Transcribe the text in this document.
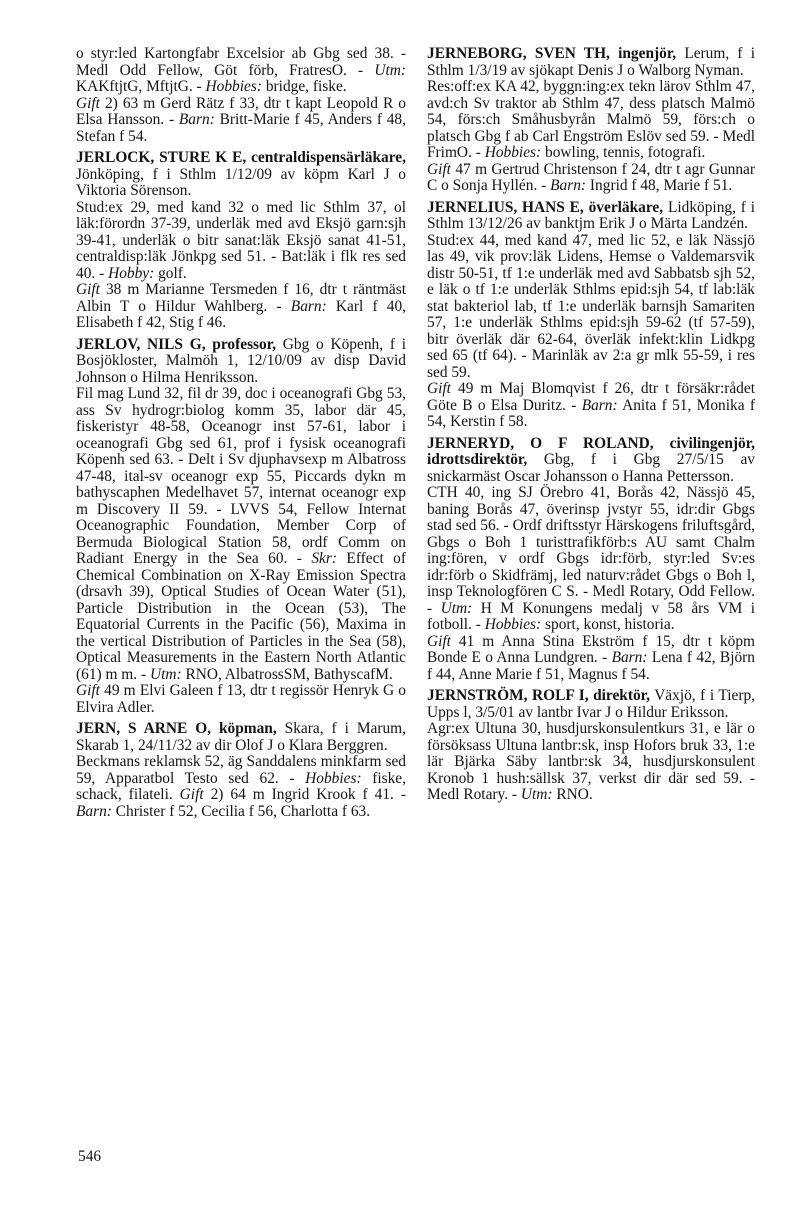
o styr:led Kartongfabr Excelsior ab Gbg sed 38. - Medl Odd Fellow, Göt förb, FratresO. - Utm: KAKftjtG, MftjtG. - Hobbies: bridge, fiske.

Gift 2) 63 m Gerd Rätz f 33, dtr t kapt Leopold R o Elsa Hansson. - Barn: Britt-Marie f 45, Anders f 48, Stefan f 54.

JERLOCK, STURE K E, centraldispensärläkare, Jönköping, f i Sthlm 1/12/09 av köpm Karl J o Viktoria Sörenson.

Stud:ex 29, med kand 32 o med lic Sthlm 37, ol läk:förordn 37-39, underläk med avd Eksjö garn:sjh 39-41, underläk o bitr sanat:läk Eksjö sanat 41-51, centraldisp:läk Jönkpg sed 51. - Bat:läk i flk res sed 40. - Hobby: golf.

Gift 38 m Marianne Tersmeden f 16, dtr t räntmäst Albin T o Hildur Wahlberg. - Barn: Karl f 40, Elisabeth f 42, Stig f 46.

JERLOV, NILS G, professor, Gbg o Köpenh, f i Bosjökloster, Malmöh 1, 12/10/09 av disp David Johnson o Hilma Henriksson.

Fil mag Lund 32, fil dr 39, doc i oceanografi Gbg 53, ass Sv hydrogr:biolog komm 35, labor där 45, fiskeristyr 48-58, Oceanogr inst 57-61, labor i oceanografi Gbg sed 61, prof i fysisk oceanografi Köpenh sed 63. - Delt i Sv djuphavsexp m Albatross 47-48, ital-sv oceanogr exp 55, Piccards dykn m bathyscaphen Medelhavet 57, internat oceanogr exp m Discovery II 59. - LVVS 54, Fellow Internat Oceanographic Foundation, Member Corp of Bermuda Biological Station 58, ordf Comm on Radiant Energy in the Sea 60. - Skr: Effect of Chemical Combination on X-Ray Emission Spectra (drsavh 39), Optical Studies of Ocean Water (51), Particle Distribution in the Ocean (53), The Equatorial Currents in the Pacific (56), Maxima in the vertical Distribution of Particles in the Sea (58), Optical Measurements in the Eastern North Atlantic (61) m m. - Utm: RNO, AlbatrossSM, BathyscafM.

Gift 49 m Elvi Galeen f 13, dtr t regissör Henryk G o Elvira Adler.

JERN, S ARNE O, köpman, Skara, f i Marum, Skarab 1, 24/11/32 av dir Olof J o Klara Berggren.

Beckmans reklamsk 52, äg Sanddalens minkfarm sed 59, Apparatbol Testo sed 62. - Hobbies: fiske, schack, filateli. Gift 2) 64 m Ingrid Krook f 41. - Barn: Christer f 52, Cecilia f 56, Charlotta f 63.

JERNEBORG, SVEN TH, ingenjör, Lerum, f i Sthlm 1/3/19 av sjökapt Denis J o Walborg Nyman.

Res:off:ex KA 42, byggn:ing:ex tekn lärov Sthlm 47, avd:ch Sv traktor ab Sthlm 47, dess platsch Malmö 54, förs:ch Småhusbyrån Malmö 59, förs:ch o platsch Gbg f ab Carl Engström Eslöv sed 59. - Medl FrimO. - Hobbies: bowling, tennis, fotografi.

Gift 47 m Gertrud Christenson f 24, dtr t agr Gunnar C o Sonja Hyllén. - Barn: Ingrid f 48, Marie f 51.

JERNELIUS, HANS E, överläkare, Lidköping, f i Sthlm 13/12/26 av banktjm Erik J o Märta Landzén.

Stud:ex 44, med kand 47, med lic 52, e läk Nässjö las 49, vik prov:läk Lidens, Hemse o Valdemarsvik distr 50-51, tf 1:e underläk med avd Sabbatsb sjh 52, e läk o tf 1:e underläk Sthlms epid:sjh 54, tf lab:läk stat bakteriol lab, tf 1:e underläk barnsjh Samariten 57, 1:e underläk Sthlms epid:sjh 59-62 (tf 57-59), bitr överläk där 62-64, överläk infekt:klin Lidkpg sed 65 (tf 64). - Marinläk av 2:a gr mlk 55-59, i res sed 59.

Gift 49 m Maj Blomqvist f 26, dtr t försäkr:rådet Göte B o Elsa Duritz. - Barn: Anita f 51, Monika f 54, Kerstin f 58.

JERNERYD, O F ROLAND, civilingenjör, idrottsdirektör, Gbg, f i Gbg 27/5/15 av snickarmäst Oscar Johansson o Hanna Pettersson.

CTH 40, ing SJ Örebro 41, Borås 42, Nässjö 45, baning Borås 47, överinsp jvstyr 55, idr:dir Gbgs stad sed 56. - Ordf driftsstyr Härskogens friluftsgård, Gbgs o Boh 1 turisttrafikförb:s AU samt Chalm ing:fören, v ordf Gbgs idr:förb, styr:led Sv:es idr:förb o Skidfrämj, led naturv:rådet Gbgs o Boh l, insp Teknologfören C S. - Medl Rotary, Odd Fellow. - Utm: H M Konungens medalj v 58 års VM i fotboll. - Hobbies: sport, konst, historia.

Gift 41 m Anna Stina Ekström f 15, dtr t köpm Bonde E o Anna Lundgren. - Barn: Lena f 42, Björn f 44, Anne Marie f 51, Magnus f 54.

JERNSTRÖM, ROLF I, direktör, Växjö, f i Tierp, Upps l, 3/5/01 av lantbr Ivar J o Hildur Eriksson.

Agr:ex Ultuna 30, husdjurskonsulentkurs 31, e lär o försöksass Ultuna lantbr:sk, insp Hofors bruk 33, 1:e lär Bjärka Säby lantbr:sk 34, husdjurskonsulent Kronob 1 hush:sällsk 37, verkst dir där sed 59. - Medl Rotary. - Utm: RNO.

546
